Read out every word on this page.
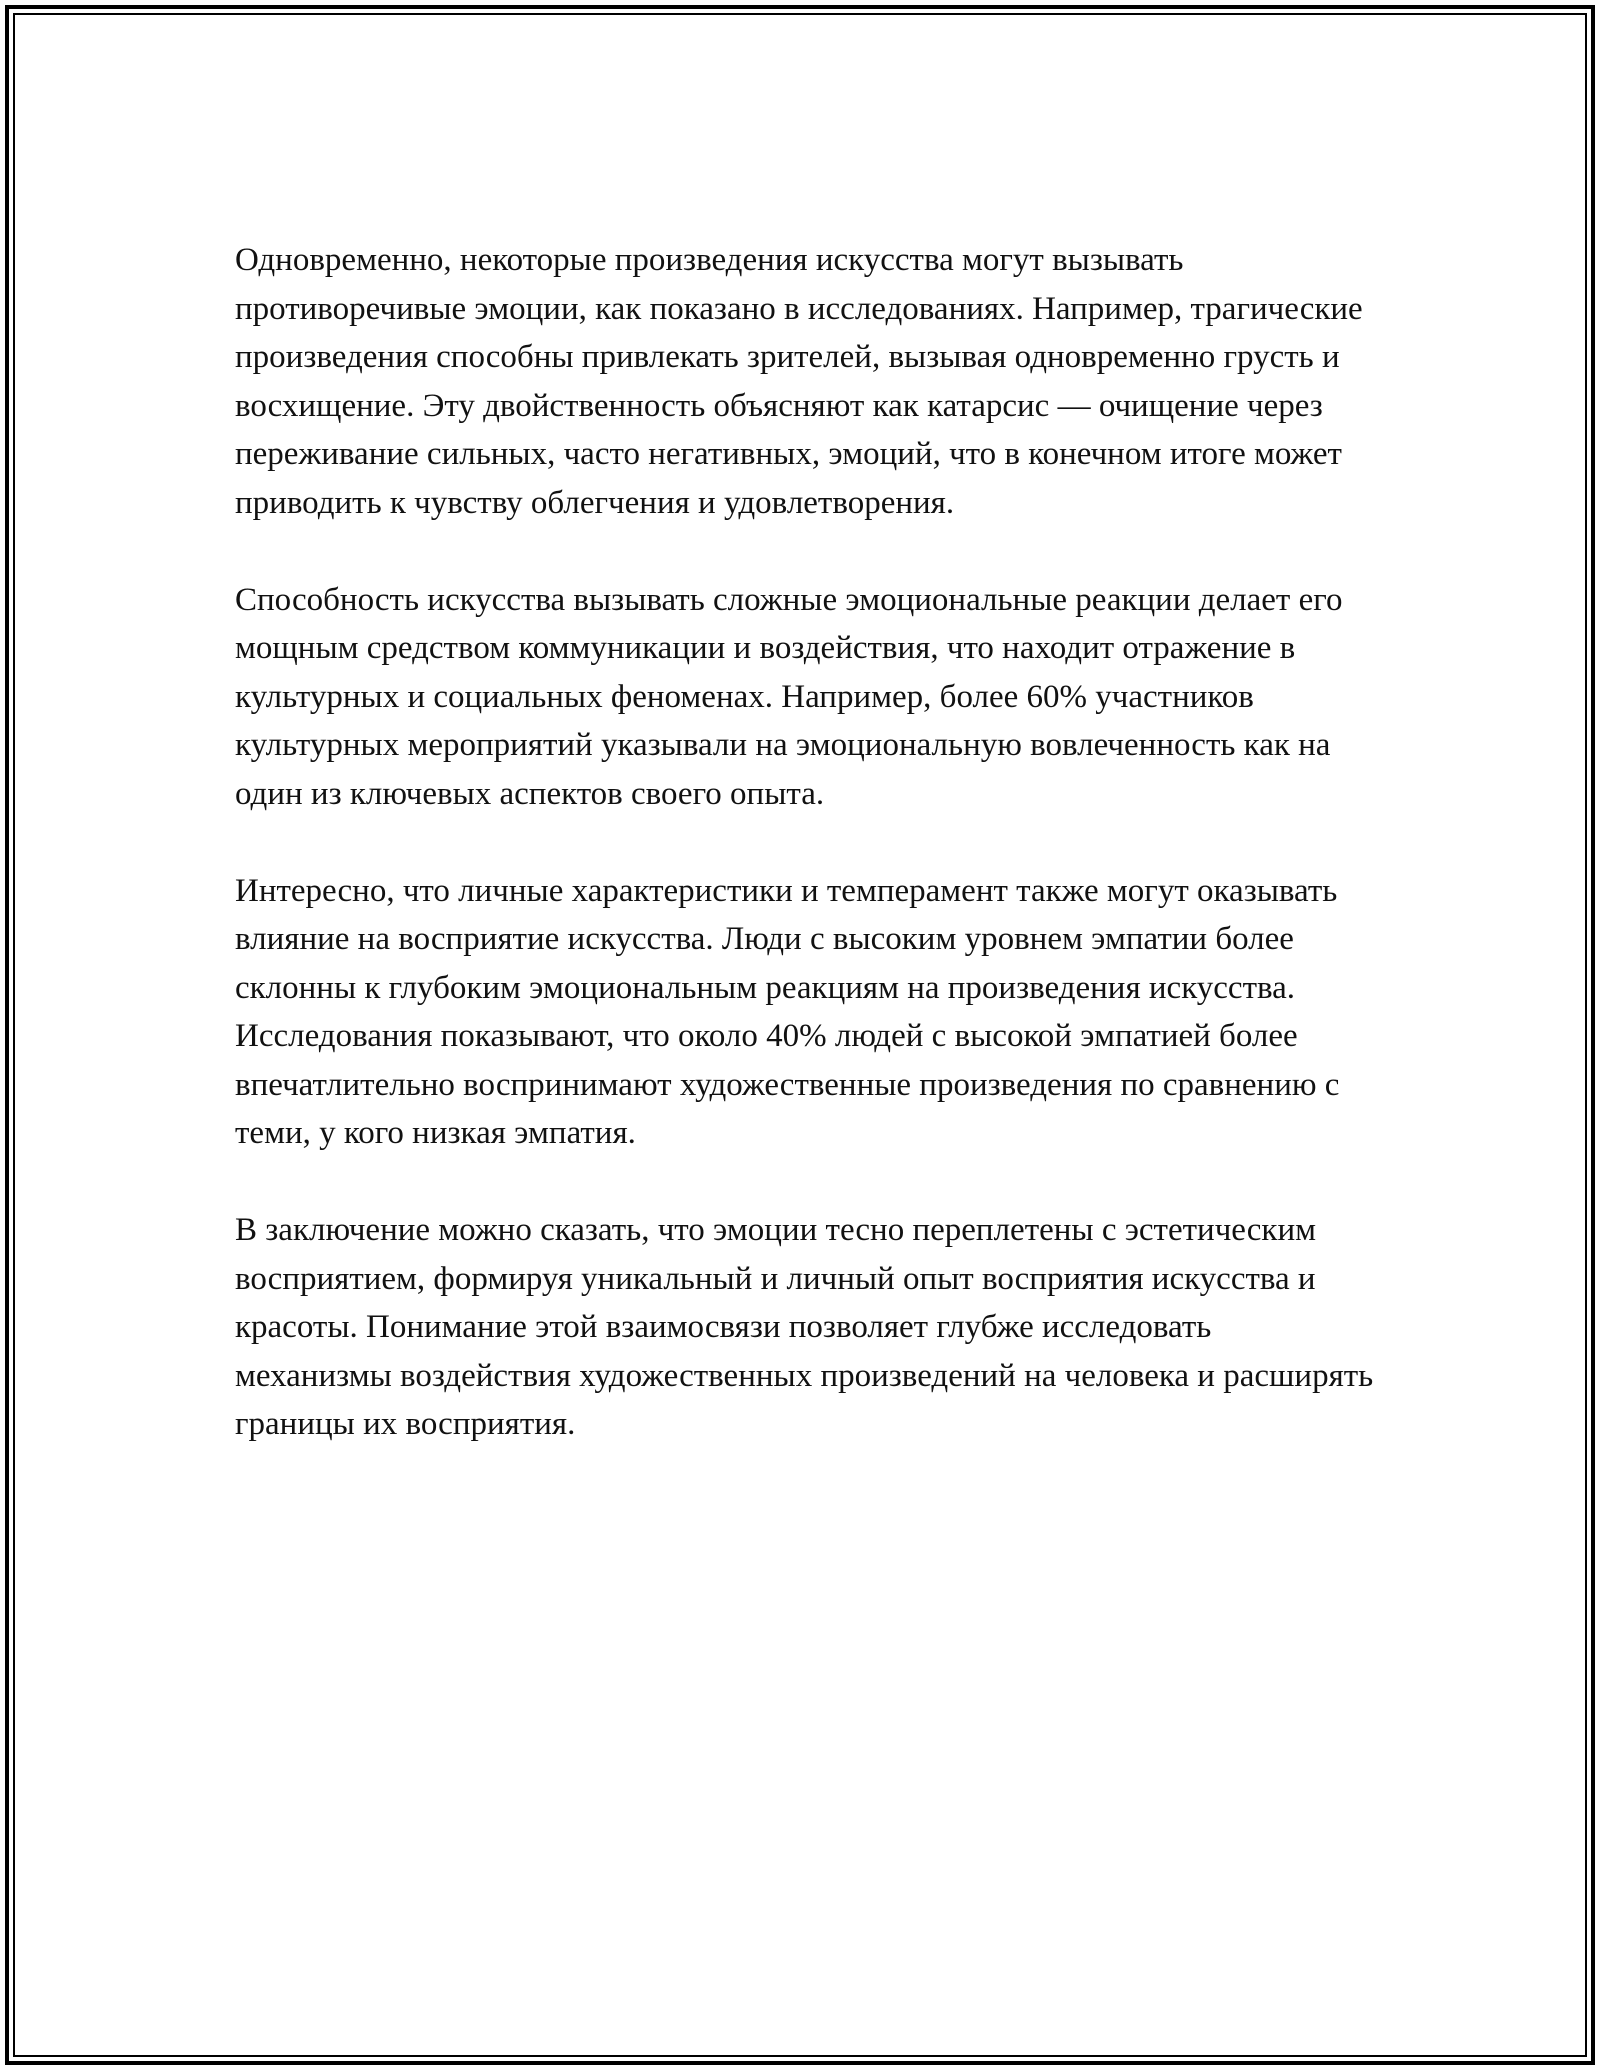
Одновременно, некоторые произведения искусства могут вызывать противоречивые эмоции, как показано в исследованиях. Например, трагические произведения способны привлекать зрителей, вызывая одновременно грусть и восхищение. Эту двойственность объясняют как катарсис — очищение через переживание сильных, часто негативных, эмоций, что в конечном итоге может приводить к чувству облегчения и удовлетворения.

Способность искусства вызывать сложные эмоциональные реакции делает его мощным средством коммуникации и воздействия, что находит отражение в культурных и социальных феноменах. Например, более 60% участников культурных мероприятий указывали на эмоциональную вовлеченность как на один из ключевых аспектов своего опыта.

Интересно, что личные характеристики и темперамент также могут оказывать влияние на восприятие искусства. Люди с высоким уровнем эмпатии более склонны к глубоким эмоциональным реакциям на произведения искусства. Исследования показывают, что около 40% людей с высокой эмпатией более впечатлительно воспринимают художественные произведения по сравнению с теми, у кого низкая эмпатия.

В заключение можно сказать, что эмоции тесно переплетены с эстетическим восприятием, формируя уникальный и личный опыт восприятия искусства и красоты. Понимание этой взаимосвязи позволяет глубже исследовать механизмы воздействия художественных произведений на человека и расширять границы их восприятия.
